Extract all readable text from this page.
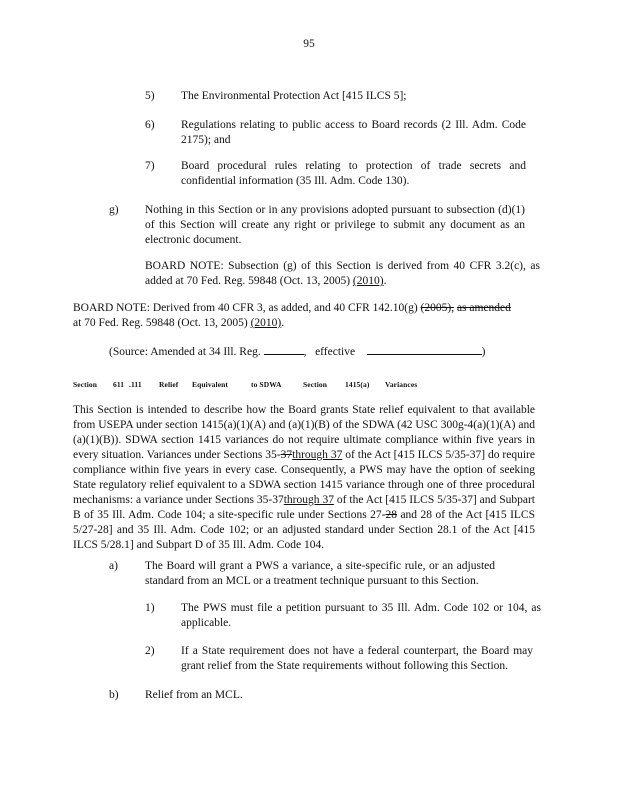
95
5) The Environmental Protection Act [415 ILCS 5];
6) Regulations relating to public access to Board records (2 Ill. Adm. Code 2175); and
7) Board procedural rules relating to protection of trade secrets and confidential information (35 Ill. Adm. Code 130).
g) Nothing in this Section or in any provisions adopted pursuant to subsection (d)(1) of this Section will create any right or privilege to submit any document as an electronic document.
BOARD NOTE: Subsection (g) of this Section is derived from 40 CFR 3.2(c), as added at 70 Fed. Reg. 59848 (Oct. 13, 2005) (2010).
BOARD NOTE: Derived from 40 CFR 3, as added, and 40 CFR 142.10(g) (2005), as amended
at 70 Fed. Reg. 59848 (Oct. 13, 2005) (2010).
(Source: Amended at 34 Ill. Reg.	, effective	)
Section 611 .111 Relief Equivalent	to SDWA	Section 1415(a) Variances
This Section is intended to describe how the Board grants State relief equivalent to that available from USEPA under section 1415(a)(1)(A) and (a)(1)(B) of the SDWA (42 USC 300g-4(a)(1)(A) and (a)(1)(B)). SDWA section 1415 variances do not require ultimate compliance within five years in every situation. Variances under Sections 35-37through 37 of the Act [415 ILCS 5/35-37] do require compliance within five years in every case. Consequently, a PWS may have the option of seeking State regulatory relief equivalent to a SDWA section 1415 variance through one of three procedural mechanisms: a variance under Sections 35-37through 37 of the Act [415 ILCS 5/35-37] and Subpart B of 35 Ill. Adm. Code 104; a site-specific rule under Sections 27-28 and 28 of the Act [415 ILCS 5/27-28] and 35 Ill. Adm. Code 102; or an adjusted standard under Section 28.1 of the Act [415 ILCS 5/28.1] and Subpart D of 35 Ill. Adm. Code 104.
a) The Board will grant a PWS a variance, a site-specific rule, or an adjusted standard from an MCL or a treatment technique pursuant to this Section.
1) The PWS must file a petition pursuant to 35 Ill. Adm. Code 102 or 104, as applicable.
2) If a State requirement does not have a federal counterpart, the Board may grant relief from the State requirements without following this Section.
b) Relief from an MCL.
